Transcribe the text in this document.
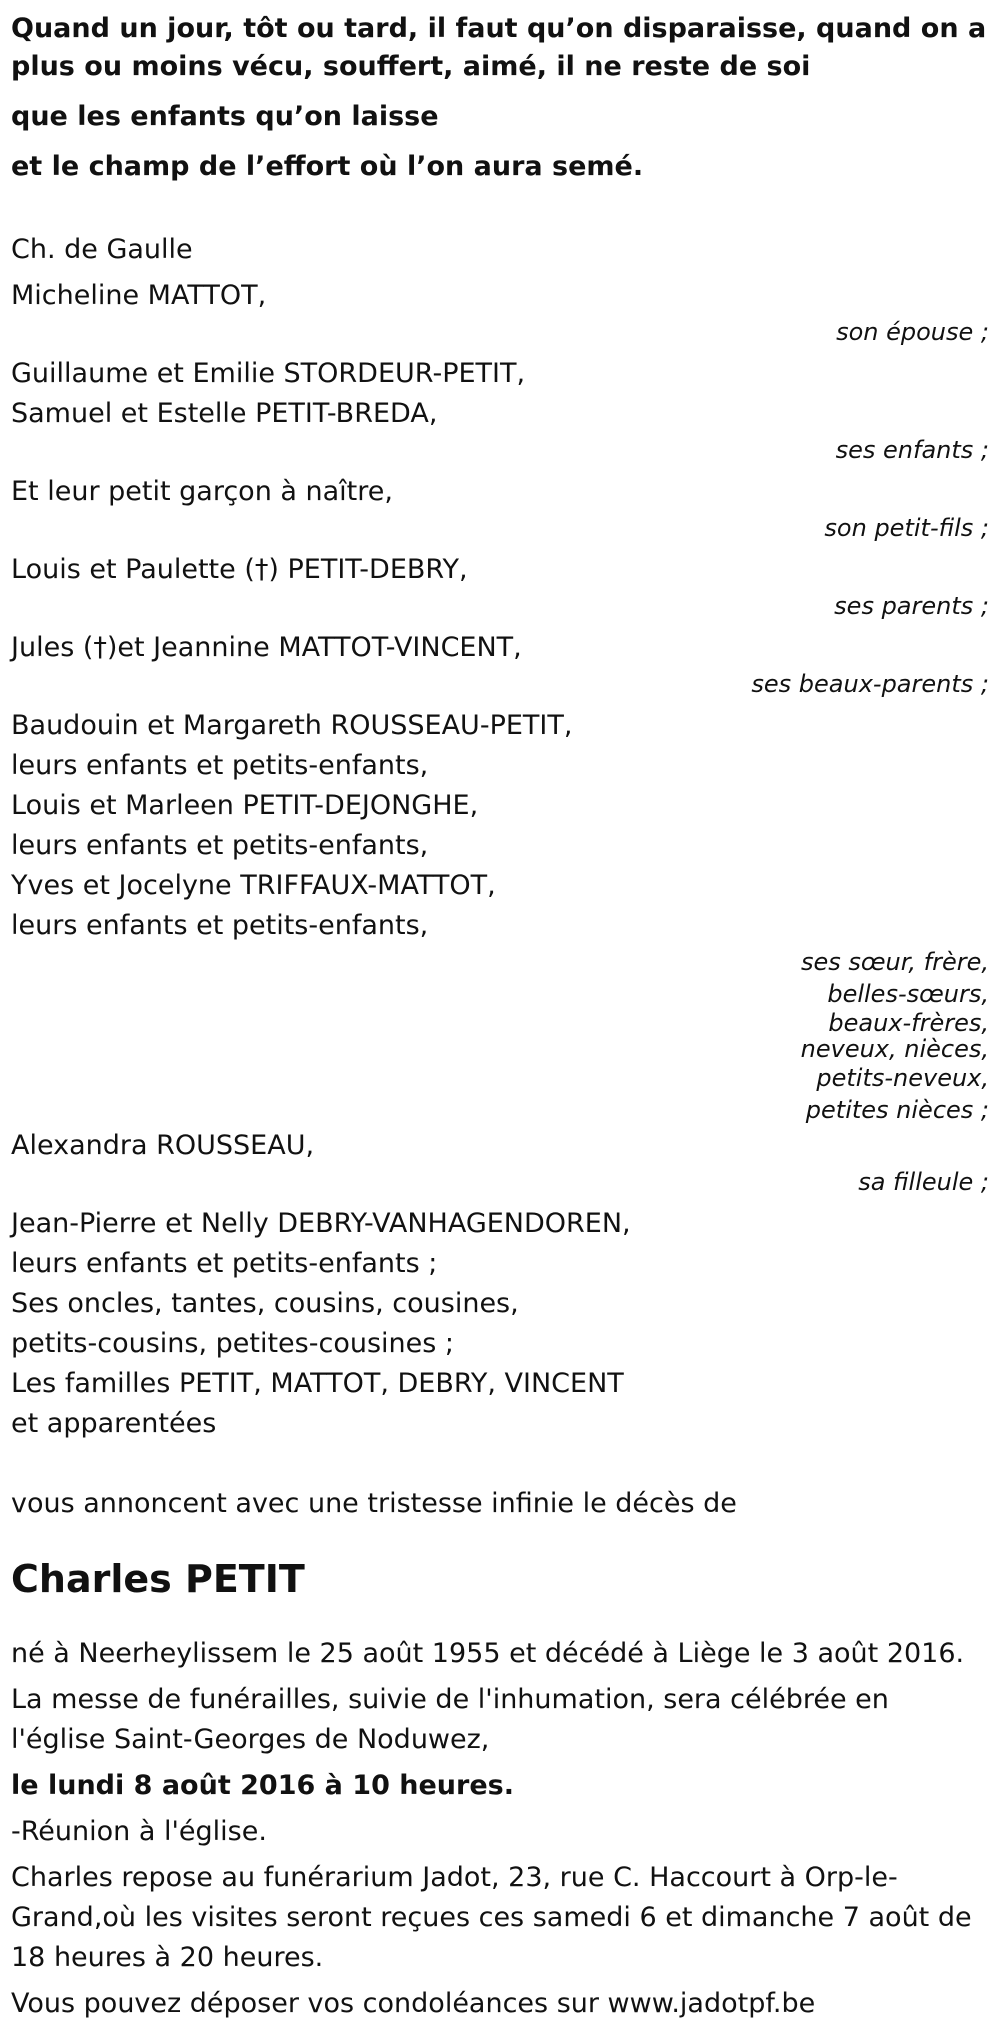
Quand un jour, tôt ou tard, il faut qu’on disparaisse, quand on a plus ou moins vécu, souffert, aimé, il ne reste de soi

que les enfants qu’on laisse

et le champ de l’effort où l’on aura semé.

Ch. de Gaulle

Micheline MATTOT,

son épouse ;

Guillaume et Emilie STORDEUR-PETIT,

Samuel et Estelle PETIT-BREDA,

ses enfants ;

Et leur petit garçon à naître,

son petit-fils ;

Louis et Paulette (†) PETIT-DEBRY,

ses parents ;

Jules (†)et Jeannine MATTOT-VINCENT,

ses beaux-parents ;

Baudouin et Margareth ROUSSEAU-PETIT,

leurs enfants et petits-enfants,

Louis et Marleen PETIT-DEJONGHE,

leurs enfants et petits-enfants,

Yves et Jocelyne TRIFFAUX-MATTOT,

leurs enfants et petits-enfants,

ses sœur, frère,

belles-sœurs,

beaux-frères,

neveux, nièces,

petits-neveux,

petites nièces ;

Alexandra ROUSSEAU,

sa filleule ;

Jean-Pierre et Nelly DEBRY-VANHAGENDOREN,

leurs enfants et petits-enfants ;

Ses oncles, tantes, cousins, cousines,

petits-cousins, petites-cousines ;

Les familles PETIT, MATTOT, DEBRY, VINCENT

et apparentées

vous annoncent avec une tristesse infinie le décès de

Charles PETIT

né à Neerheylissem le 25 août 1955 et décédé à Liège le 3 août 2016.

La messe de funérailles, suivie de l'inhumation, sera célébrée en l'église Saint-Georges de Noduwez,

le lundi 8 août 2016 à 10 heures.

-Réunion à l'église.

Charles repose au funérarium Jadot, 23, rue C. Haccourt à Orp-le-Grand,où les visites seront reçues ces samedi 6 et dimanche 7 août de 18 heures à 20 heures.

Vous pouvez déposer vos condoléances sur www.jadotpf.be
